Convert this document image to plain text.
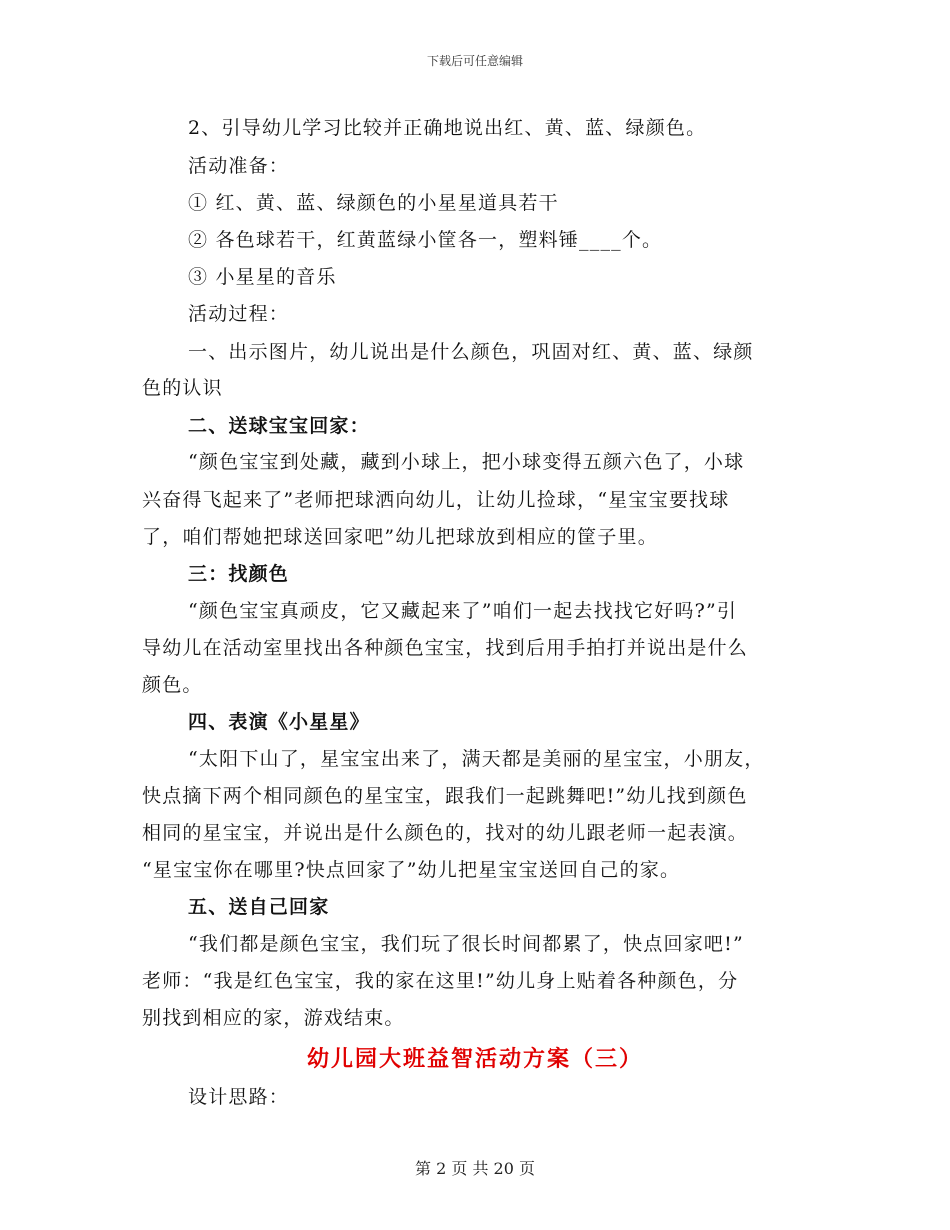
下载后可任意编辑
2、引导幼儿学习比较并正确地说出红、黄、蓝、绿颜色。
活动准备：
① 红、黄、蓝、绿颜色的小星星道具若干
② 各色球若干，红黄蓝绿小筐各一，塑料锤____个。
③ 小星星的音乐
活动过程：
一、出示图片，幼儿说出是什么颜色，巩固对红、黄、蓝、绿颜
色的认识
二、送球宝宝回家：
“颜色宝宝到处藏，藏到小球上，把小球变得五颜六色了，小球
兴奋得飞起来了”老师把球洒向幼儿，让幼儿捡球，“星宝宝要找球
了，咱们帮她把球送回家吧”幼儿把球放到相应的筐子里。
三：找颜色
“颜色宝宝真顽皮，它又藏起来了”咱们一起去找找它好吗?”引
导幼儿在活动室里找出各种颜色宝宝，找到后用手拍打并说出是什么
颜色。
四、表演《小星星》
“太阳下山了，星宝宝出来了，满天都是美丽的星宝宝，小朋友，
快点摘下两个相同颜色的星宝宝，跟我们一起跳舞吧!”幼儿找到颜色
相同的星宝宝，并说出是什么颜色的，找对的幼儿跟老师一起表演。
“星宝宝你在哪里?快点回家了”幼儿把星宝宝送回自己的家。
五、送自己回家
“我们都是颜色宝宝，我们玩了很长时间都累了，快点回家吧!”
老师：“我是红色宝宝，我的家在这里!”幼儿身上贴着各种颜色，分
别找到相应的家，游戏结束。
幼儿园大班益智活动方案（三）
设计思路：
第 2 页 共 20 页
